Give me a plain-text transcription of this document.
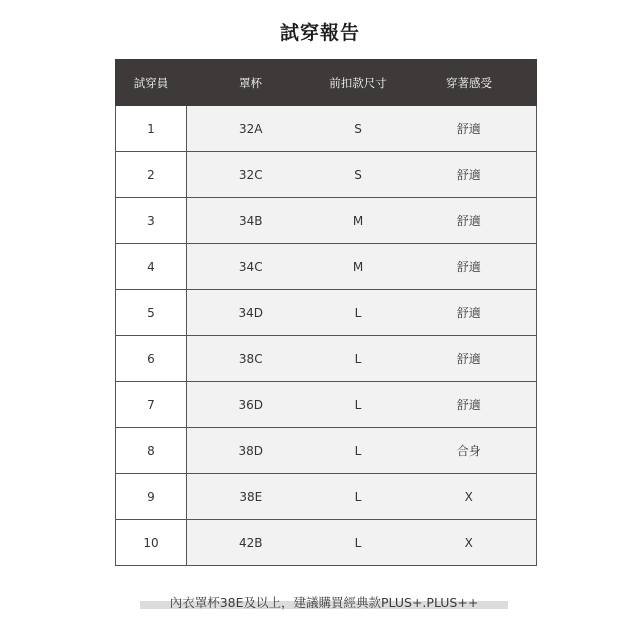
試穿報告
試穿員	罩杯	前扣款尺寸	穿著感受
1	32A	S	舒適
2	32C	S	舒適
3	34B	M	舒適
4	34C	M	舒適
5	34D	L	舒適
6	38C	L	舒適
7	36D	L	舒適
8	38D	L	合身
9	38E	L	X
10	42B	L	X
內衣罩杯38E及以上，建議購買經典款PLUS+.PLUS++
